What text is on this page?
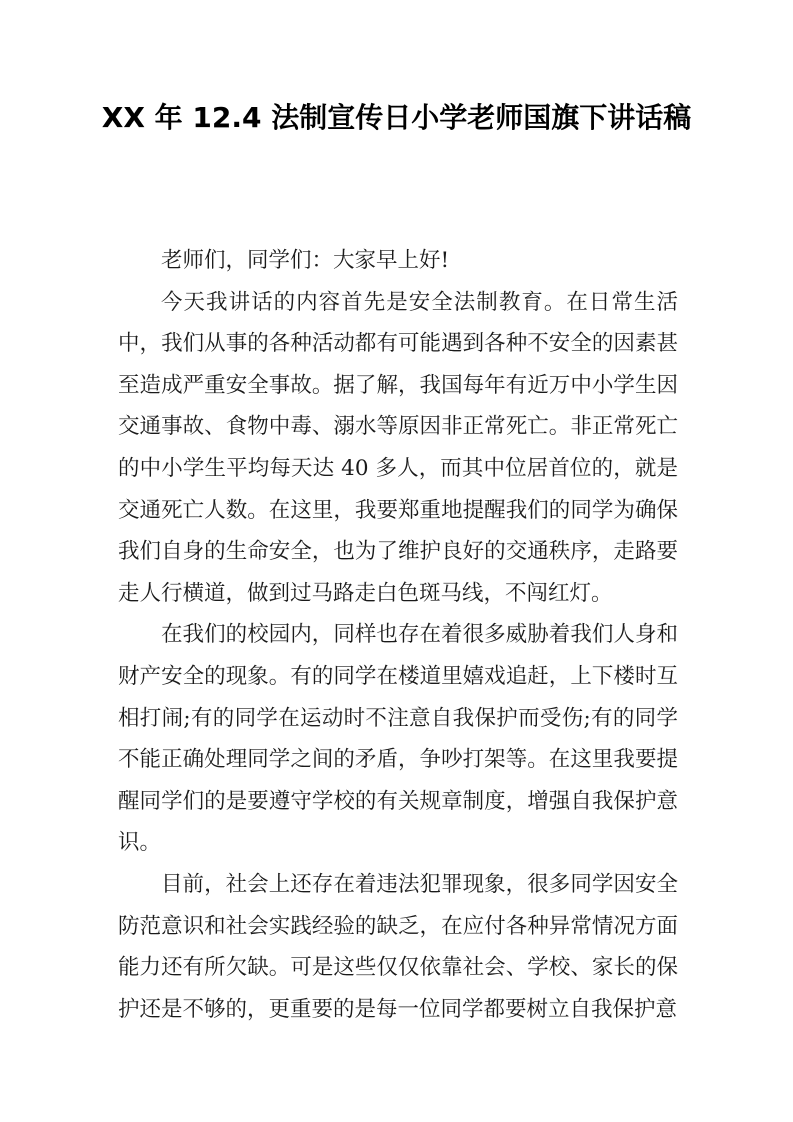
XX 年 12.4 法制宣传日小学老师国旗下讲话稿

老师们，同学们：大家早上好!

今天我讲话的内容首先是安全法制教育。在日常生活中，我们从事的各种活动都有可能遇到各种不安全的因素甚至造成严重安全事故。据了解，我国每年有近万中小学生因交通事故、食物中毒、溺水等原因非正常死亡。非正常死亡的中小学生平均每天达 40 多人，而其中位居首位的，就是交通死亡人数。在这里，我要郑重地提醒我们的同学为确保我们自身的生命安全，也为了维护良好的交通秩序，走路要走人行横道，做到过马路走白色斑马线，不闯红灯。

在我们的校园内，同样也存在着很多威胁着我们人身和财产安全的现象。有的同学在楼道里嬉戏追赶，上下楼时互相打闹;有的同学在运动时不注意自我保护而受伤;有的同学不能正确处理同学之间的矛盾，争吵打架等。在这里我要提醒同学们的是要遵守学校的有关规章制度，增强自我保护意识。

目前，社会上还存在着违法犯罪现象，很多同学因安全防范意识和社会实践经验的缺乏，在应付各种异常情况方面能力还有所欠缺。可是这些仅仅依靠社会、学校、家长的保护还是不够的，更重要的是每一位同学都要树立自我保护意
